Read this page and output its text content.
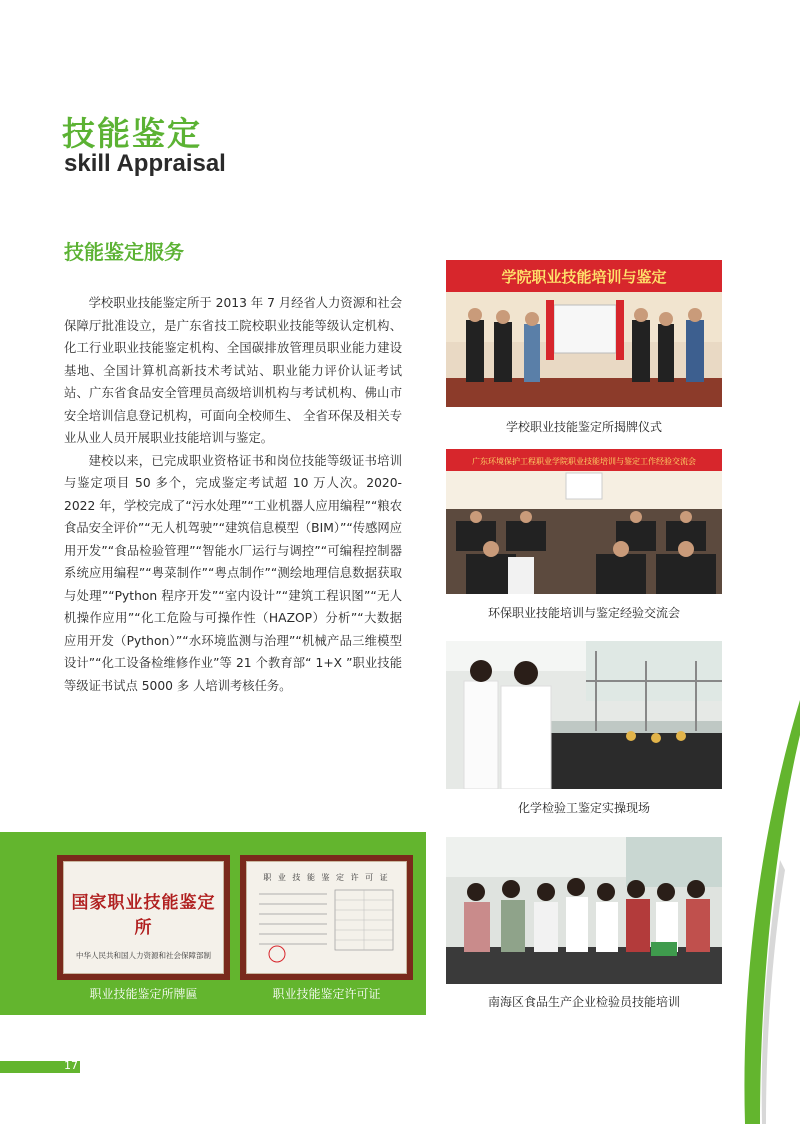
技能鉴定
skill Appraisal
技能鉴定服务

学校职业技能鉴定所于 2013 年 7 月经省人力资源和社会保障厅批准设立，是广东省技工院校职业技能等级认定机构、化工行业职业技能鉴定机构、全国碳排放管理员职业能力建设基地、全国计算机高新技术考试站、职业能力评价认证考试站、广东省食品安全管理员高级培训机构与考试机构、佛山市安全培训信息登记机构，可面向全校师生、 全省环保及相关专业从业人员开展职业技能培训与鉴定。

建校以来，已完成职业资格证书和岗位技能等级证书培训与鉴定项目 50 多个，完成鉴定考试超 10 万人次。2020- 2022 年，学校完成了“污水处理”“工业机器人应用编程”“粮农食品安全评价”“无人机驾驶”“建筑信息模型（BIM）”“传感网应用开发”“食品检验管理”“智能水厂运行与调控”“可编程控制器系统应用编程”“粤菜制作”“粤点制作”“测绘地理信息数据获取与处理”“Python 程序开发”“室内设计”“建筑工程识图”“无人机操作应用”“化工危险与可操作性（HAZOP）分析”“大数据应用开发（Python）”“水环境监测与治理”“机械产品三维模型设计”“化工设备检维修作业”等 21 个教育部“ 1+X ”职业技能等级证书试点 5000 多 人培训考核任务。

学院职业技能培训与鉴定
学校职业技能鉴定所揭牌仪式
广东环境保护工程职业学院职业技能培训与鉴定工作经验交流会
环保职业技能培训与鉴定经验交流会
化学检验工鉴定实操现场
南海区食品生产企业检验员技能培训
国家职业技能鉴定所
中华人民共和国人力资源和社会保障部制
职业技能鉴定所牌匾
职 业 技 能 鉴 定 许 可 证
职业技能鉴定许可证
17
